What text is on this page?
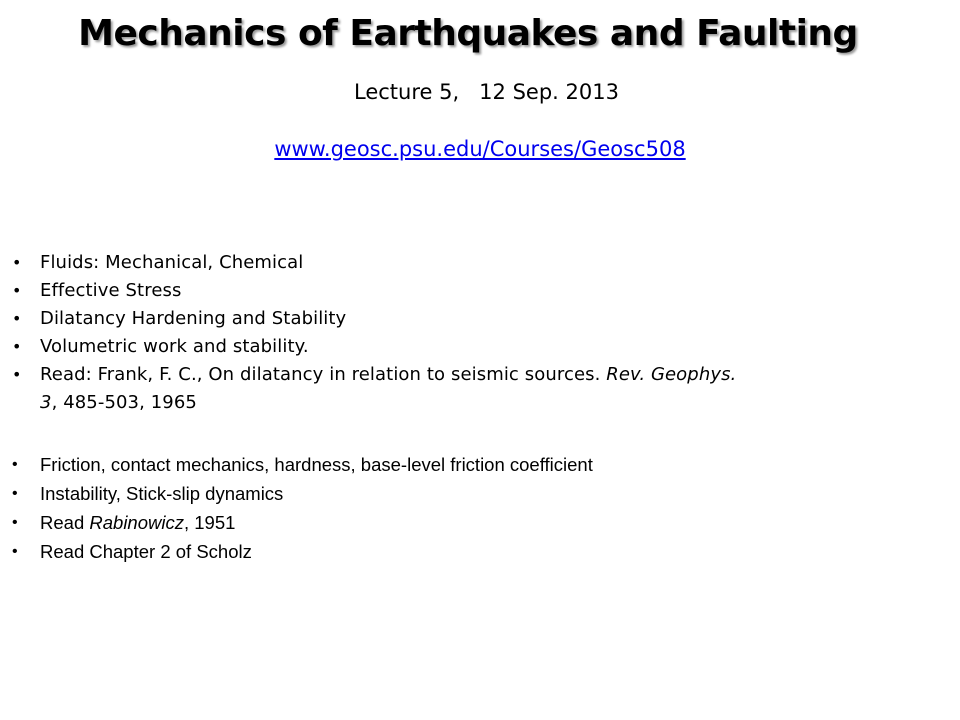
Mechanics of Earthquakes and Faulting
Lecture 5,   12 Sep. 2013
www.geosc.psu.edu/Courses/Geosc508
• Fluids: Mechanical, Chemical
• Effective Stress
• Dilatancy Hardening and Stability
• Volumetric work and stability.
• Read: Frank, F. C., On dilatancy in relation to seismic sources. Rev. Geophys.
3, 485-503, 1965
• Friction, contact mechanics, hardness, base-level friction coefficient
• Instability, Stick-slip dynamics
• Read Rabinowicz, 1951
• Read Chapter 2 of Scholz
